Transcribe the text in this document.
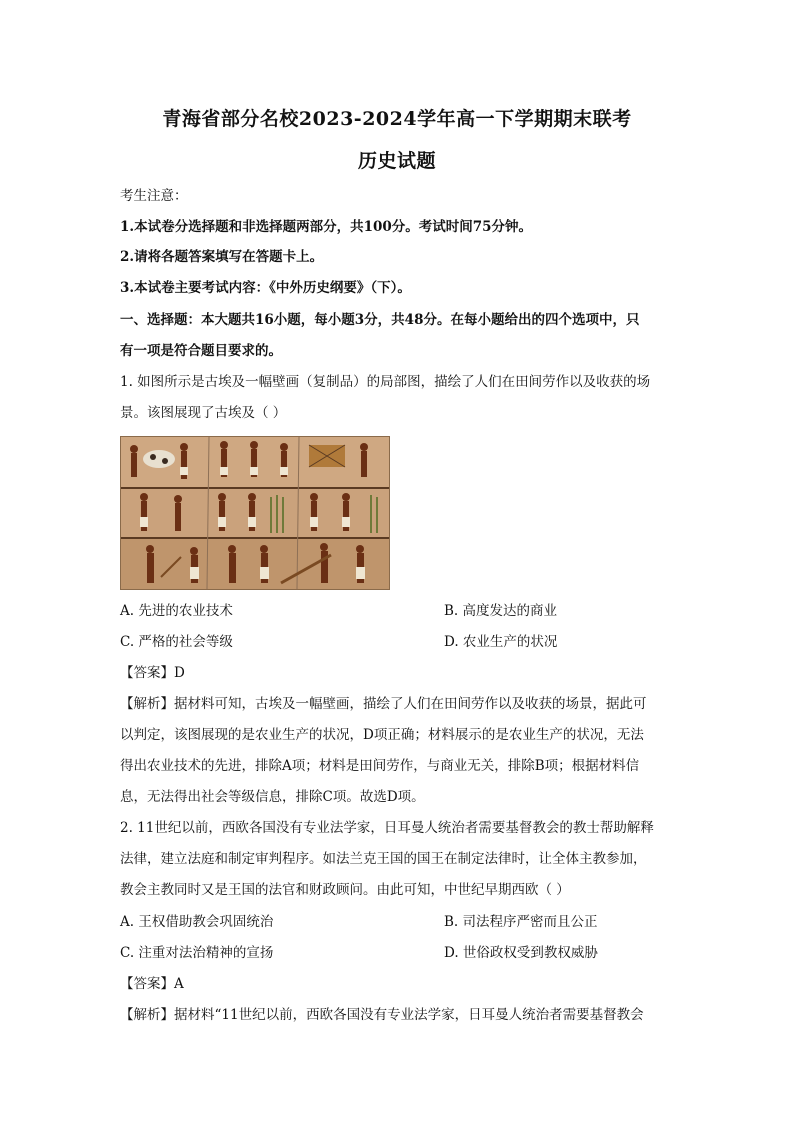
青海省部分名校2023-2024学年高一下学期期末联考
历史试题
考生注意：
1.本试卷分选择题和非选择题两部分，共100分。考试时间75分钟。
2.请将各题答案填写在答题卡上。
3.本试卷主要考试内容：《中外历史纲要》（下）。
一、选择题：本大题共16小题，每小题3分，共48分。在每小题给出的四个选项中，只
有一项是符合题目要求的。
1. 如图所示是古埃及一幅壁画（复制品）的局部图，描绘了人们在田间劳作以及收获的场
景。该图展现了古埃及（ ）
A. 先进的农业技术	B. 高度发达的商业
C. 严格的社会等级	D. 农业生产的状况
【答案】D
【解析】据材料可知，古埃及一幅壁画，描绘了人们在田间劳作以及收获的场景，据此可
以判定，该图展现的是农业生产的状况，D项正确；材料展示的是农业生产的状况，无法
得出农业技术的先进，排除A项；材料是田间劳作，与商业无关，排除B项；根据材料信
息，无法得出社会等级信息，排除C项。故选D项。
2. 11世纪以前，西欧各国没有专业法学家，日耳曼人统治者需要基督教会的教士帮助解释
法律，建立法庭和制定审判程序。如法兰克王国的国王在制定法律时，让全体主教参加，
教会主教同时又是王国的法官和财政顾问。由此可知，中世纪早期西欧（ ）
A. 王权借助教会巩固统治	B. 司法程序严密而且公正
C. 注重对法治精神的宣扬	D. 世俗政权受到教权威胁
【答案】A
【解析】据材料“11世纪以前，西欧各国没有专业法学家，日耳曼人统治者需要基督教会
